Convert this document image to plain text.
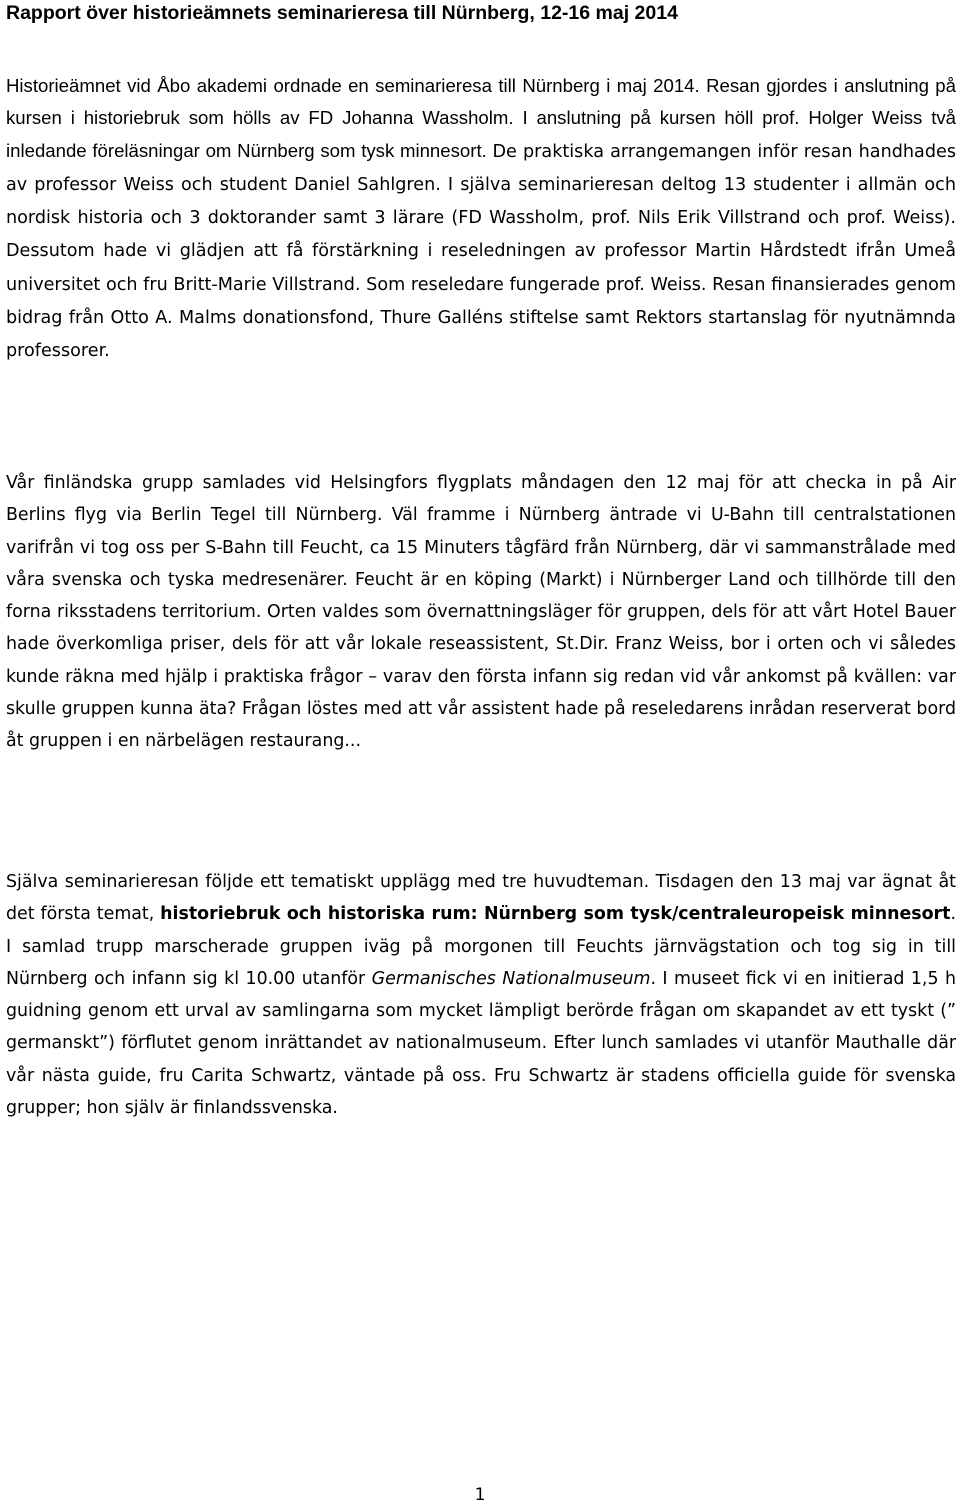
Rapport över historieämnets seminarieresa till Nürnberg, 12-16 maj 2014

Historieämnet vid Åbo akademi ordnade en seminarieresa till Nürnberg i maj 2014. Resan gjordes i anslutning på kursen i historiebruk som hölls av FD Johanna Wassholm. I anslutning på kursen höll prof. Holger Weiss två inledande föreläsningar om Nürnberg som tysk minnesort. De praktiska arrangemangen inför resan handhades av professor Weiss och student Daniel Sahlgren. I själva seminarieresan deltog 13 studenter i allmän och nordisk historia och 3 doktorander samt 3 lärare (FD Wassholm, prof. Nils Erik Villstrand och prof. Weiss). Dessutom hade vi glädjen att få förstärkning i reseledningen av professor Martin Hårdstedt ifrån Umeå universitet och fru Britt-Marie Villstrand. Som reseledare fungerade prof. Weiss. Resan finansierades genom bidrag från Otto A. Malms donationsfond, Thure Galléns stiftelse samt Rektors startanslag för nyutnämnda professorer.

Vår finländska grupp samlades vid Helsingfors flygplats måndagen den 12 maj för att checka in på Air Berlins flyg via Berlin Tegel till Nürnberg. Väl framme i Nürnberg äntrade vi U-Bahn till centralstationen varifrån vi tog oss per S-Bahn till Feucht, ca 15 Minuters tågfärd från Nürnberg, där vi sammanstrålade med våra svenska och tyska medresenärer. Feucht är en köping (Markt) i Nürnberger Land och tillhörde till den forna riksstadens territorium. Orten valdes som övernattningsläger för gruppen, dels för att vårt Hotel Bauer hade överkomliga priser, dels för att vår lokale reseassistent, St.Dir. Franz Weiss, bor i orten och vi således kunde räkna med hjälp i praktiska frågor – varav den första infann sig redan vid vår ankomst på kvällen: var skulle gruppen kunna äta? Frågan löstes med att vår assistent hade på reseledarens inrådan reserverat bord åt gruppen i en närbelägen restaurang...

Själva seminarieresan följde ett tematiskt upplägg med tre huvudteman. Tisdagen den 13 maj var ägnat åt det första temat, historiebruk och historiska rum: Nürnberg som tysk/centraleuropeisk minnesort. I samlad trupp marscherade gruppen iväg på morgonen till Feuchts järnvägstation och tog sig in till Nürnberg och infann sig kl 10.00 utanför Germanisches Nationalmuseum. I museet fick vi en initierad 1,5 h guidning genom ett urval av samlingarna som mycket lämpligt berörde frågan om skapandet av ett tyskt (” germanskt”) förflutet genom inrättandet av nationalmuseum. Efter lunch samlades vi utanför Mauthalle där vår nästa guide, fru Carita Schwartz, väntade på oss. Fru Schwartz är stadens officiella guide för svenska grupper; hon själv är finlandssvenska.

1
